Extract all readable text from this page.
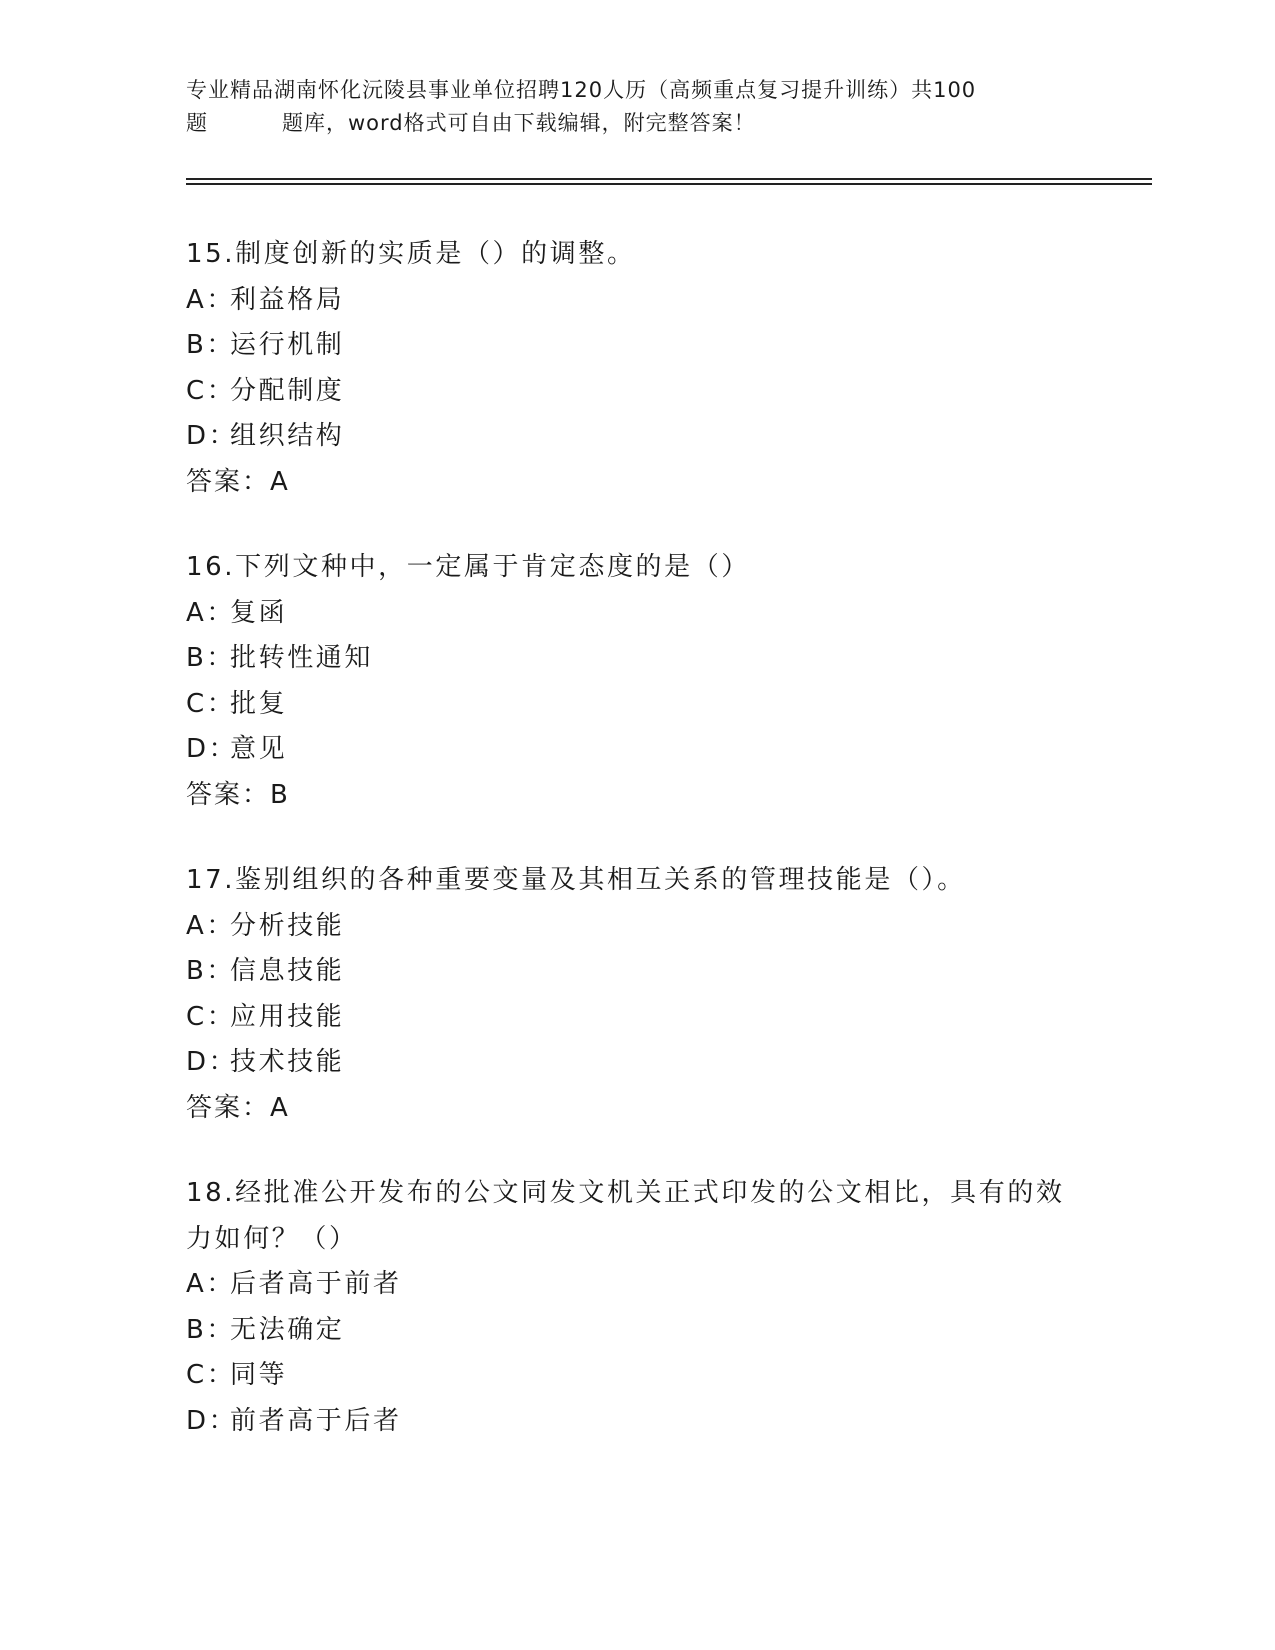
专业精品湖南怀化沅陵县事业单位招聘120人历（高频重点复习提升训练）共100
题	题库，word格式可自由下载编辑，附完整答案！
15.制度创新的实质是（）的调整。
A：利益格局
B：运行机制
C：分配制度
D：组织结构
答案：A
16.下列文种中，一定属于肯定态度的是（）
A：复函
B：批转性通知
C：批复
D：意见
答案：B
17.鉴别组织的各种重要变量及其相互关系的管理技能是（）。
A：分析技能
B：信息技能
C：应用技能
D：技术技能
答案：A
18.经批准公开发布的公文同发文机关正式印发的公文相比，具有的效
力如何？（）
A：后者高于前者
B：无法确定
C：同等
D：前者高于后者
